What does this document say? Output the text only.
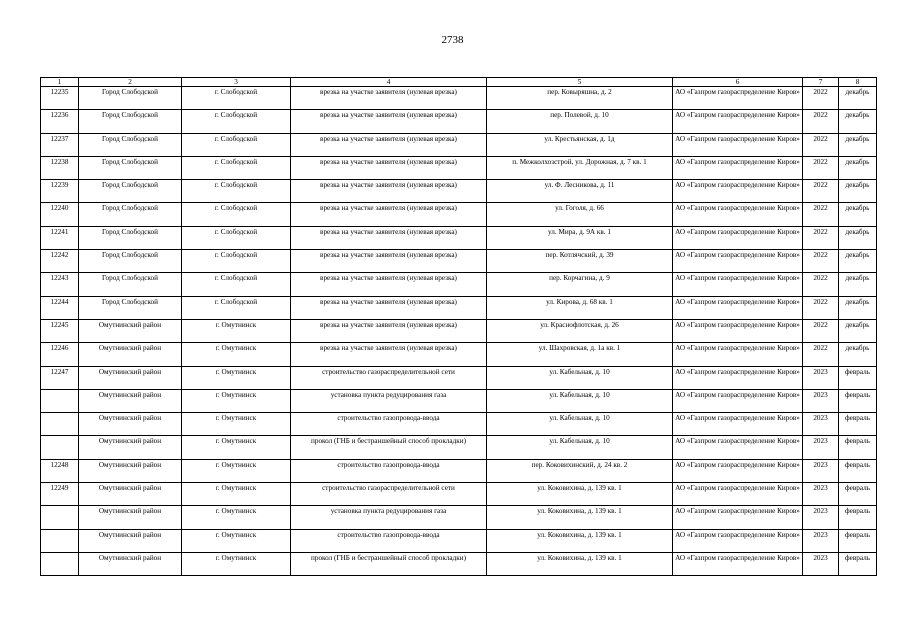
2738
1	2	3	4	5	6	7	8
12235	Город Слободской	г. Слободской	врезка на участке заявителя (нулевая врезка)	пер. Ковыряшна, д. 2	АО «Газпром газораспределение Киров»	2022	декабрь
12236	Город Слободской	г. Слободской	врезка на участке заявителя (нулевая врезка)	пер. Полевой, д. 10	АО «Газпром газораспределение Киров»	2022	декабрь
12237	Город Слободской	г. Слободской	врезка на участке заявителя (нулевая врезка)	ул. Крестьянская, д. 1д	АО «Газпром газораспределение Киров»	2022	декабрь
12238	Город Слободской	г. Слободской	врезка на участке заявителя (нулевая врезка)	п. Межколхозстрой, ул. Дорожная, д. 7 кв. 1	АО «Газпром газораспределение Киров»	2022	декабрь
12239	Город Слободской	г. Слободской	врезка на участке заявителя (нулевая врезка)	ул. Ф. Лесникова, д. 11	АО «Газпром газораспределение Киров»	2022	декабрь
12240	Город Слободской	г. Слободской	врезка на участке заявителя (нулевая врезка)	ул. Гоголя, д. 66	АО «Газпром газораспределение Киров»	2022	декабрь
12241	Город Слободской	г. Слободской	врезка на участке заявителя (нулевая врезка)	ул. Мира, д. 9А кв. 1	АО «Газпром газораспределение Киров»	2022	декабрь
12242	Город Слободской	г. Слободской	врезка на участке заявителя (нулевая врезка)	пер. Котлячский, д. 39	АО «Газпром газораспределение Киров»	2022	декабрь
12243	Город Слободской	г. Слободской	врезка на участке заявителя (нулевая врезка)	пер. Корчагина, д. 9	АО «Газпром газораспределение Киров»	2022	декабрь
12244	Город Слободской	г. Слободской	врезка на участке заявителя (нулевая врезка)	ул. Кирова, д. 68 кв. 1	АО «Газпром газораспределение Киров»	2022	декабрь
12245	Омутнинский район	г. Омутнинск	врезка на участке заявителя (нулевая врезка)	ул. Краснофлотская, д. 26	АО «Газпром газораспределение Киров»	2022	декабрь
12246	Омутнинский район	г. Омутнинск	врезка на участке заявителя (нулевая врезка)	ул. Шахровская, д. 1а кв. 1	АО «Газпром газораспределение Киров»	2022	декабрь
12247	Омутнинский район	г. Омутнинск	строительство газораспределительной сети	ул. Кабельная, д. 10	АО «Газпром газораспределение Киров»	2023	февраль
	Омутнинский район	г. Омутнинск	установка пункта редуцирования газа	ул. Кабельная, д. 10	АО «Газпром газораспределение Киров»	2023	февраль
	Омутнинский район	г. Омутнинск	строительство газопровода-ввода	ул. Кабельная, д. 10	АО «Газпром газораспределение Киров»	2023	февраль
	Омутнинский район	г. Омутнинск	прокол (ГНБ и бестраншейный способ прокладки)	ул. Кабельная, д. 10	АО «Газпром газораспределение Киров»	2023	февраль
12248	Омутнинский район	г. Омутнинск	строительство газопровода-ввода	пер. Коковихинский, д. 24 кв. 2	АО «Газпром газораспределение Киров»	2023	февраль
12249	Омутнинский район	г. Омутнинск	строительство газораспределительной сети	ул. Коковихина, д. 139 кв. 1	АО «Газпром газораспределение Киров»	2023	февраль
	Омутнинский район	г. Омутнинск	установка пункта редуцирования газа	ул. Коковихина, д. 139 кв. 1	АО «Газпром газораспределение Киров»	2023	февраль
	Омутнинский район	г. Омутнинск	строительство газопровода-ввода	ул. Коковихина, д. 139 кв. 1	АО «Газпром газораспределение Киров»	2023	февраль
	Омутнинский район	г. Омутнинск	прокол (ГНБ и бестраншейный способ прокладки)	ул. Коковихина, д. 139 кв. 1	АО «Газпром газораспределение Киров»	2023	февраль
